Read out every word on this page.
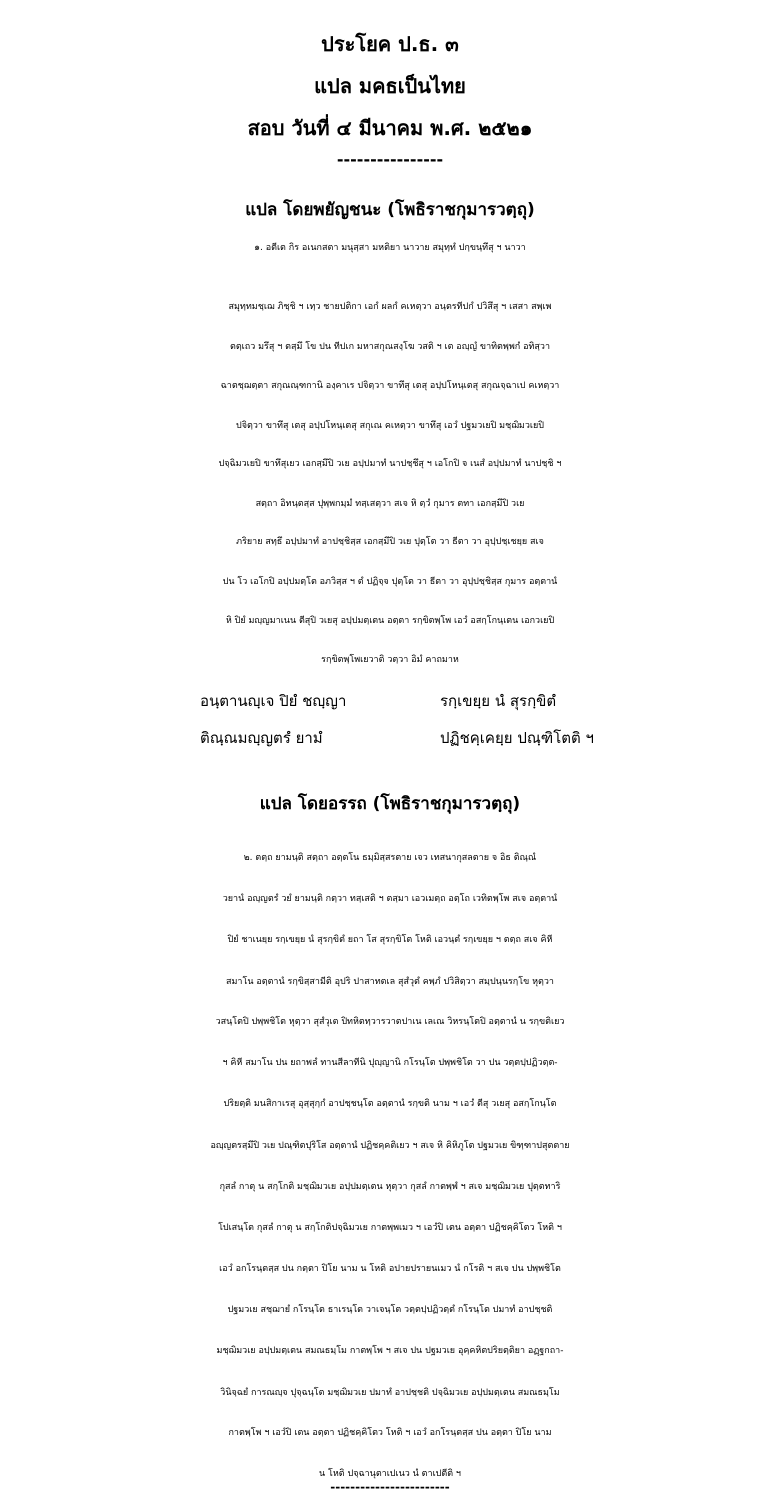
ประโยค ป.ธ. ๓
แปล มคธเป็นไทย
สอบ วันที่ ๔ มีนาคม พ.ศ. ๒๕๒๑
----------------
แปล โดยพยัญชนะ (โพธิราชกุมารวตฺถุ)
๑. อตีเต กิร อเนกสตา มนุสฺสา มหติยา นาวาย สมุทฺทํ ปกฺขนฺทึสุ ฯ นาวา
สมุทฺทมชฺเฌ ภิชฺชิ ฯ เทฺว ชายปติกา เอกํ ผลกํ คเหตฺวา อนฺตรทีปกํ ปวิสึสุ ฯ เสสา สพฺเพ
ตตฺเถว มรึสุ ฯ ตสฺมึ โข ปน ทีปเก มหาสกุณสงฺโฆ วสติ ฯ เต อญฺญํ ขาทิตพฺพกํ อทิสฺวา
ฉาตชฺฌตฺตา สกุณณฺฑกานิ องฺคาเร ปจิตฺวา ขาทึสุ เตสุ อปฺปโหนฺเตสุ สกุณจฺฉาเป คเหตฺวา
ปจิตฺวา ขาทึสุ เตสุ อปฺปโหนฺเตสุ สกุเณ คเหตฺวา ขาทึสุ เอวํ ปฐมวเยปิ มชฺฌิมวเยปิ
ปจฺฉิมวเยปิ ขาทึสุเยว เอกสฺมึปิ วเย อปฺปมาทํ นาปชฺชึสุ ฯ เอโกปิ จ เนสํ อปฺปมาทํ นาปชฺชิ ฯ
สตฺถา อิทนฺตสฺส ปุพฺพกมฺมํ ทสฺเสตฺวา สเจ หิ ตฺวํ กุมาร ตทา เอกสฺมึปิ วเย
ภริยาย สทฺธึ อปฺปมาทํ อาปชฺชิสฺส เอกสฺมึปิ วเย ปุตฺโต วา ธีตา วา อุปฺปชฺเชยฺย สเจ
ปน โว เอโกปิ อปฺปมตฺโต อภวิสฺส ฯ ตํ ปฏิจฺจ ปุตฺโต วา ธีตา วา อุปฺปชฺชิสฺส กุมาร อตฺตานํ
หิ ปิยํ มญฺญมาเนน ตีสุปิ วเยสุ อปฺปมตฺเตน อตฺตา รกฺขิตพฺโพ เอวํ อสกฺโกนฺเตน เอกวเยปิ
รกฺขิตพฺโพเยวาติ วตฺวา อิมํ คาถมาห
อนฺตานญฺเจ ปิยํ ชญฺญา	รกฺเขยฺย นํ สุรกฺขิตํ
ติณฺณมญฺญตรํ ยามํ	ปฏิชคฺเคยฺย ปณฺฑิโตติ ฯ
แปล โดยอรรถ (โพธิราชกุมารวตฺถุ)
๒. ตตฺถ ยามนฺติ สตฺถา อตฺตโน ธมฺมิสฺสรตาย เจว เทสนากุสลตาย จ อิธ ติณฺณํ
วยานํ อญฺญตรํ วยํ ยามนฺติ กตฺวา ทสฺเสติ ฯ ตสฺมา เอวเมตฺถ อตฺโถ เวทิตพฺโพ สเจ อตฺตานํ
ปิยํ ชาเนยฺย รกฺเขยฺย นํ สุรกฺขิตํ ยถา โส สุรกฺขิโต โหติ เอวนฺตํ รกฺเขยฺย ฯ ตตฺถ สเจ คิหี
สมาโน อตฺตานํ รกฺขิสฺสามีติ อุปริ ปาสาทตเล สุสํวุตํ คพฺภํ ปวิสิตฺวา สมฺปนฺนรกฺโข หุตฺวา
วสนฺโตปิ ปพฺพชิโต หุตฺวา สุสํวุเต ปิทหิตทฺวารวาตปาเน เลเณ วิหรนฺโตปิ อตฺตานํ น รกฺขติเยว
ฯ คิหี สมาโน ปน ยถาพลํ ทานสีลาทีนิ ปุญฺญานิ กโรนฺโต ปพฺพชิโต วา ปน วตฺตปฺปฏิวตฺต-
ปริยตฺติ มนสิกาเรสุ อุสฺสุกฺกํ อาปชฺชนฺโต อตฺตานํ รกฺขติ นาม ฯ เอวํ ตีสุ วเยสุ อสกฺโกนฺโต
อญฺญตรสฺมึปิ วเย ปณฺฑิตปุริโส อตฺตานํ ปฏิชคฺคติเยว ฯ สเจ หิ คิหิภูโต ปฐมวเย ขิฑฺฑาปสุตตาย
กุสลํ กาตุ น สกฺโกติ มชฺฌิมวเย อปฺปมตฺเตน หุตฺวา กุสลํ กาตพฺพํ ฯ สเจ มชฺฌิมวเย ปุตฺตทาริ
โปเสนฺโต กุสลํ กาตุ น สกฺโกติปจฺฉิมวเย กาตพฺพเมว ฯ เอวํปิ เตน อตฺตา ปฏิชคฺคิโตว โหติ ฯ
เอวํ อกโรนฺตสฺส ปน กตฺตา ปิโย นาม น โหติ อปายปรายนเมว นํ กโรติ ฯ สเจ ปน ปพฺพชิโต
ปฐมวเย สชฺฌายํ กโรนฺโต ธาเรนฺโต วาเจนฺโต วตฺตปฺปฏิวตฺตํ กโรนฺโต ปมาทํ อาปชฺชติ
มชฺฌิมวเย อปฺปมตฺเตน สมณธมฺโม กาตพฺโพ ฯ สเจ ปน ปฐมวเย อุคฺคหิตปริยตฺติยา อฏฺฐกถา-
วินิจฺฉยํ การณญฺจ ปุจฺฉนฺโต มชฺฌิมวเย ปมาทํ อาปชฺชติ ปจฺฉิมวเย อปฺปมตฺเตน สมณธมฺโม
กาตพฺโพ ฯ เอวํปิ เตน อตฺตา ปฏิชคฺคิโตว โหติ ฯ เอวํ อกโรนฺตสฺส ปน อตฺตา ปิโย นาม
น โหติ ปจฺฉานุตาเปเนว นํ ตาเปตีติ ฯ
------------------------
